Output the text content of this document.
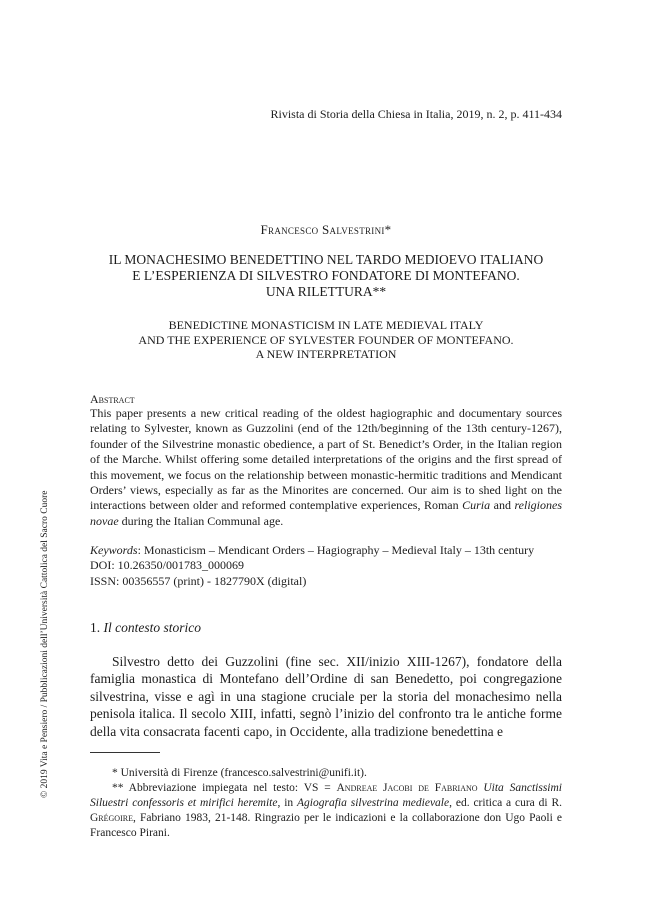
Rivista di Storia della Chiesa in Italia, 2019, n. 2, p. 411-434
Francesco Salvestrini*
IL MONACHESIMO BENEDETTINO NEL TARDO MEDIOEVO ITALIANO
E L’ESPERIENZA DI SILVESTRO FONDATORE DI MONTEFANO.
UNA RILETTURA**
BENEDICTINE MONASTICISM IN LATE MEDIEVAL ITALY
AND THE EXPERIENCE OF SYLVESTER FOUNDER OF MONTEFANO.
A NEW INTERPRETATION
Abstract
This paper presents a new critical reading of the oldest hagiographic and documentary sources relating to Sylvester, known as Guzzolini (end of the 12th/beginning of the 13th century-1267), founder of the Silvestrine monastic obedience, a part of St. Benedict’s Order, in the Italian region of the Marche. Whilst offering some detailed interpretations of the origins and the first spread of this movement, we focus on the relationship between monastic-hermitic traditions and Mendicant Orders’ views, especially as far as the Minorites are concerned. Our aim is to shed light on the interactions between older and reformed contemplative experiences, Roman Curia and religiones novae during the Italian Communal age.
Keywords: Monasticism – Mendicant Orders – Hagiography – Medieval Italy – 13th century
DOI: 10.26350/001783_000069
ISSN: 00356557 (print) - 1827790X (digital)
1. Il contesto storico

Silvestro detto dei Guzzolini (fine sec. XII/inizio XIII-1267), fondatore della famiglia monastica di Montefano dell’Ordine di san Benedetto, poi congregazione silvestrina, visse e agì in una stagione cruciale per la storia del monachesimo nella penisola italica. Il secolo XIII, infatti, segnò l’inizio del confronto tra le antiche forme della vita consacrata facenti capo, in Occidente, alla tradizione benedettina e

* Università di Firenze (francesco.salvestrini@unifi.it).

** Abbreviazione impiegata nel testo: VS = Andreae Jacobi de Fabriano Uita Sanctissimi Siluestri confessoris et mirifici heremite, in Agiografia silvestrina medievale, ed. critica a cura di R. Grégoire, Fabriano 1983, 21-148. Ringrazio per le indicazioni e la collaborazione don Ugo Paoli e Francesco Pirani.

© 2019 Vita e Pensiero / Pubblicazioni dell’Università Cattolica del Sacro Cuore
